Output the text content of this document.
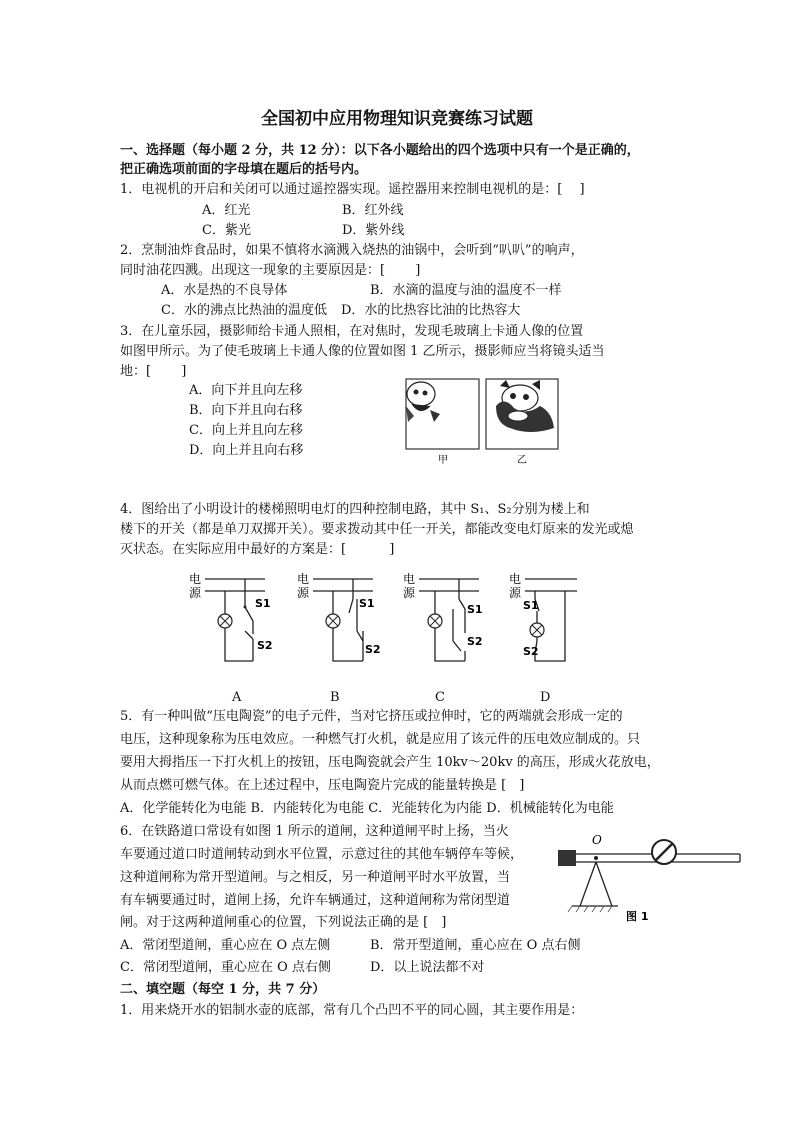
全国初中应用物理知识竞赛练习试题
一、选择题（每小题 2 分，共 12 分）：以下各小题给出的四个选项中只有一个是正确的，
把正确选项前面的字母填在题后的括号内。
1．电视机的开启和关闭可以通过遥控器实现。遥控器用来控制电视机的是：[　 ]
A．红光	B．红外线
C．紫光	D．紫外线
2．烹制油炸食品时，如果不慎将水滴溅入烧热的油锅中，会听到“叭叭”的响声，
同时油花四溅。出现这一现象的主要原因是：[　　 ]
A．水是热的不良导体	B．水滴的温度与油的温度不一样
C．水的沸点比热油的温度低 D．水的比热容比油的比热容大
3．在儿童乐园，摄影师给卡通人照相，在对焦时，发现毛玻璃上卡通人像的位置
如图甲所示。为了使毛玻璃上卡通人像的位置如图 1 乙所示，摄影师应当将镜头适当
地：[　　 ]
A．向下并且向左移
B．向下并且向右移
C．向上并且向左移
D．向上并且向右移
甲	乙
4．图给出了小明设计的楼梯照明电灯的四种控制电路，其中 S₁、S₂分别为楼上和
楼下的开关（都是单刀双掷开关）。要求拨动其中任一开关，都能改变电灯原来的发光或熄
灭状态。在实际应用中最好的方案是：[　　　 ]
电
源
S1
S2
电
源
S1
S2
电
源
S1
S2
电
源
S1
S2
A	B	C	D
5．有一种叫做“压电陶瓷”的电子元件，当对它挤压或拉伸时，它的两端就会形成一定的
电压，这种现象称为压电效应。一种燃气打火机，就是应用了该元件的压电效应制成的。只
要用大拇指压一下打火机上的按钮，压电陶瓷就会产生 10kv～20kv 的高压，形成火花放电，
从而点燃可燃气体。在上述过程中，压电陶瓷片完成的能量转换是 [　]
A．化学能转化为电能 B．内能转化为电能 C．光能转化为内能 D．机械能转化为电能
6．在铁路道口常设有如图 1 所示的道闸，这种道闸平时上扬，当火
车要通过道口时道闸转动到水平位置，示意过往的其他车辆停车等候，
这种道闸称为常开型道闸。与之相反，另一种道闸平时水平放置，当
有车辆要通过时，道闸上扬，允许车辆通过，这种道闸称为常闭型道
闸。对于这两种道闸重心的位置，下列说法正确的是 [　]
A．常闭型道闸，重心应在 O 点左侧	B．常开型道闸，重心应在 O 点右侧
C．常闭型道闸，重心应在 O 点右侧	D．以上说法都不对
O
图 1
二、填空题（每空 1 分，共 7 分）
1．用来烧开水的铝制水壶的底部，常有几个凸凹不平的同心圆，其主要作用是：
